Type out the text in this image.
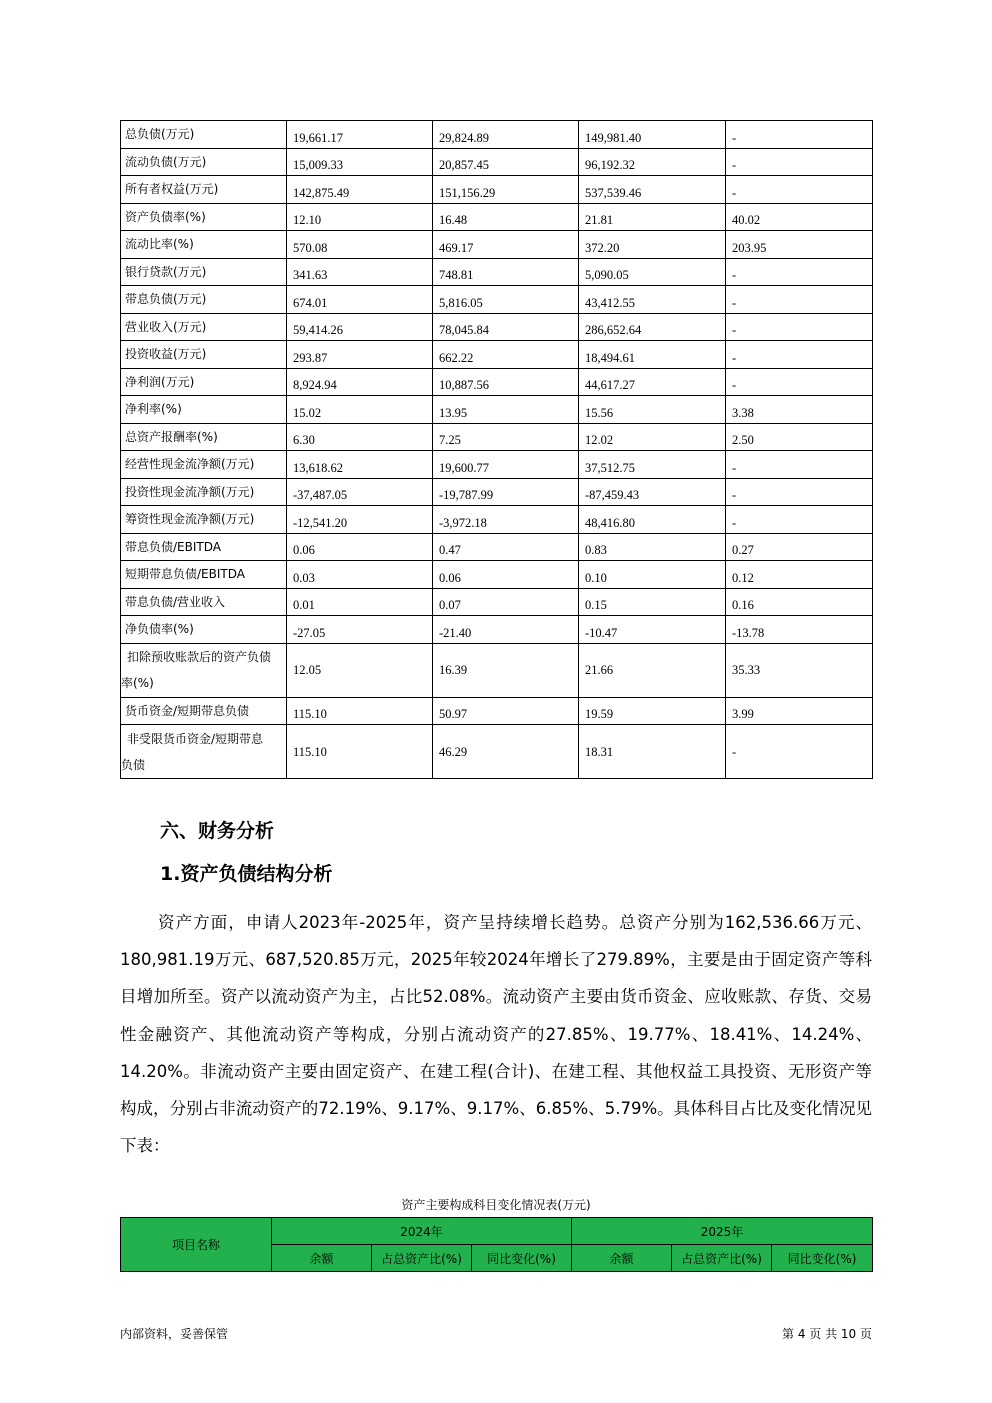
总负债(万元)	19,661.17	29,824.89	149,981.40	-
流动负债(万元)	15,009.33	20,857.45	96,192.32	-
所有者权益(万元)	142,875.49	151,156.29	537,539.46	-
资产负债率(%)	12.10	16.48	21.81	40.02
流动比率(%)	570.08	469.17	372.20	203.95
银行贷款(万元)	341.63	748.81	5,090.05	-
带息负债(万元)	674.01	5,816.05	43,412.55	-
营业收入(万元)	59,414.26	78,045.84	286,652.64	-
投资收益(万元)	293.87	662.22	18,494.61	-
净利润(万元)	8,924.94	10,887.56	44,617.27	-
净利率(%)	15.02	13.95	15.56	3.38
总资产报酬率(%)	6.30	7.25	12.02	2.50
经营性现金流净额(万元)	13,618.62	19,600.77	37,512.75	-
投资性现金流净额(万元)	-37,487.05	-19,787.99	-87,459.43	-
筹资性现金流净额(万元)	-12,541.20	-3,972.18	48,416.80	-
带息负债/EBITDA	0.06	0.47	0.83	0.27
短期带息负债/EBITDA	0.03	0.06	0.10	0.12
带息负债/营业收入	0.01	0.07	0.15	0.16
净负债率(%)	-27.05	-21.40	-10.47	-13.78

扣除预收账款后的资产负债
率(%)	12.05	16.39	21.66	35.33
货币资金/短期带息负债	115.10	50.97	19.59	3.99

非受限货币资金/短期带息
负债	115.10	46.29	18.31	-
六、财务分析
1.资产负债结构分析

资产方面，申请人2023年-2025年，资产呈持续增长趋势。总资产分别为162,536.66万元、180,981.19万元、687,520.85万元，2025年较2024年增长了279.89%，主要是由于固定资产等科目增加所至。资产以流动资产为主，占比52.08%。流动资产主要由货币资金、应收账款、存货、交易性金融资产、其他流动资产等构成，分别占流动资产的27.85%、19.77%、18.41%、14.24%、14.20%。非流动资产主要由固定资产、在建工程(合计)、在建工程、其他权益工具投资、无形资产等构成，分别占非流动资产的72.19%、9.17%、9.17%、6.85%、5.79%。具体科目占比及变化情况见下表：

资产主要构成科目变化情况表(万元)
项目名称	2024年			2025年		
	余额	占总资产比(%)	同比变化(%)	余额	占总资产比(%)	同比变化(%)
内部资料，妥善保管	第 4 页 共 10 页
